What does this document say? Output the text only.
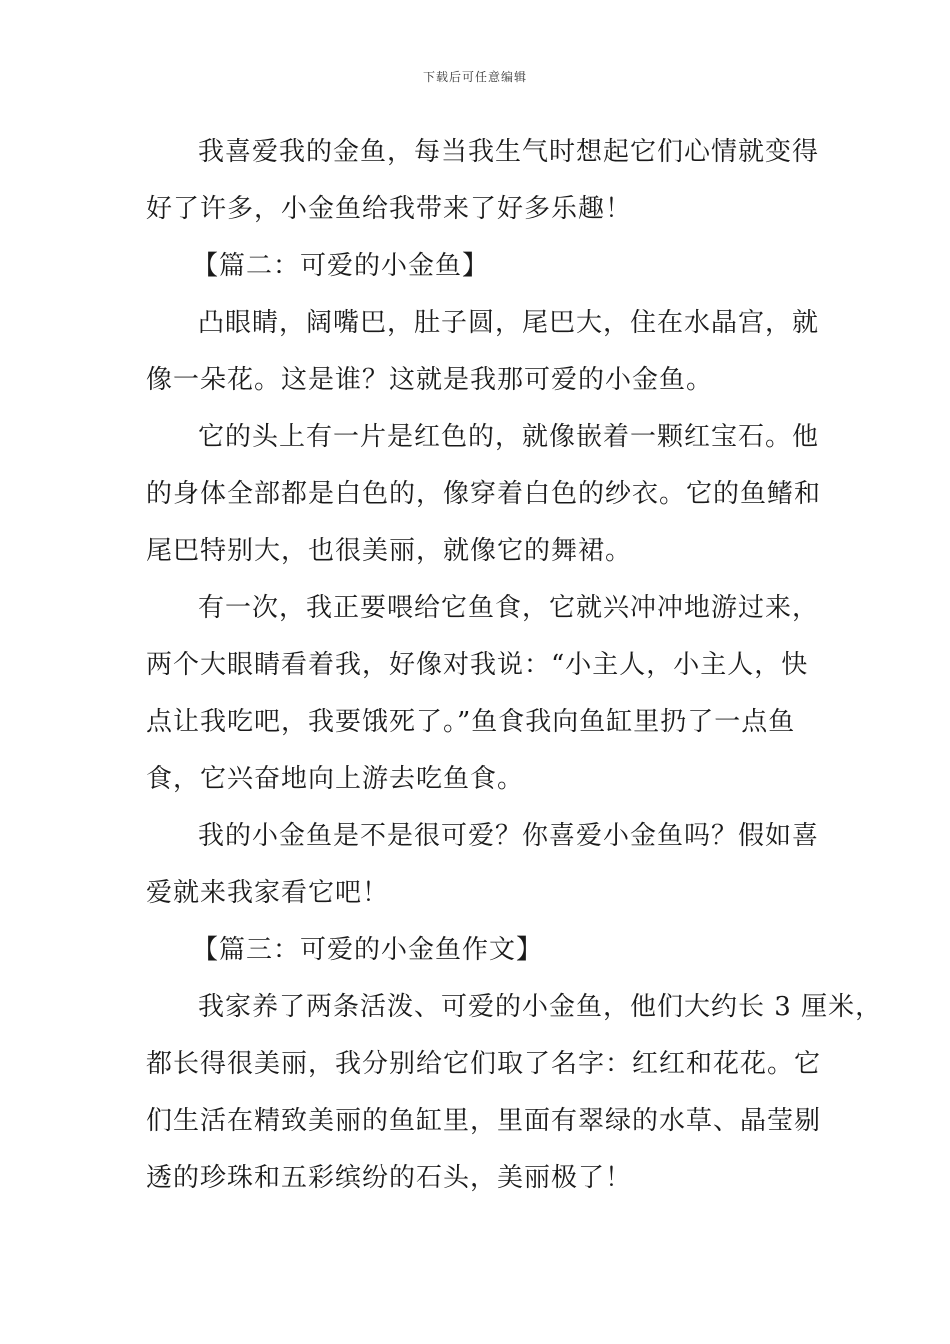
下载后可任意编辑
我喜爱我的金鱼，每当我生气时想起它们心情就变得
好了许多，小金鱼给我带来了好多乐趣！
【篇二：可爱的小金鱼】
凸眼睛，阔嘴巴，肚子圆，尾巴大，住在水晶宫，就
像一朵花。这是谁？这就是我那可爱的小金鱼。
它的头上有一片是红色的，就像嵌着一颗红宝石。他
的身体全部都是白色的，像穿着白色的纱衣。它的鱼鳍和
尾巴特别大，也很美丽，就像它的舞裙。
有一次，我正要喂给它鱼食，它就兴冲冲地游过来，
两个大眼睛看着我，好像对我说：“小主人，小主人，快
点让我吃吧，我要饿死了。”鱼食我向鱼缸里扔了一点鱼
食，它兴奋地向上游去吃鱼食。
我的小金鱼是不是很可爱？你喜爱小金鱼吗？假如喜
爱就来我家看它吧！
【篇三：可爱的小金鱼作文】
我家养了两条活泼、可爱的小金鱼，他们大约长 3 厘米，
都长得很美丽，我分别给它们取了名字：红红和花花。它
们生活在精致美丽的鱼缸里，里面有翠绿的水草、晶莹剔
透的珍珠和五彩缤纷的石头，美丽极了！
